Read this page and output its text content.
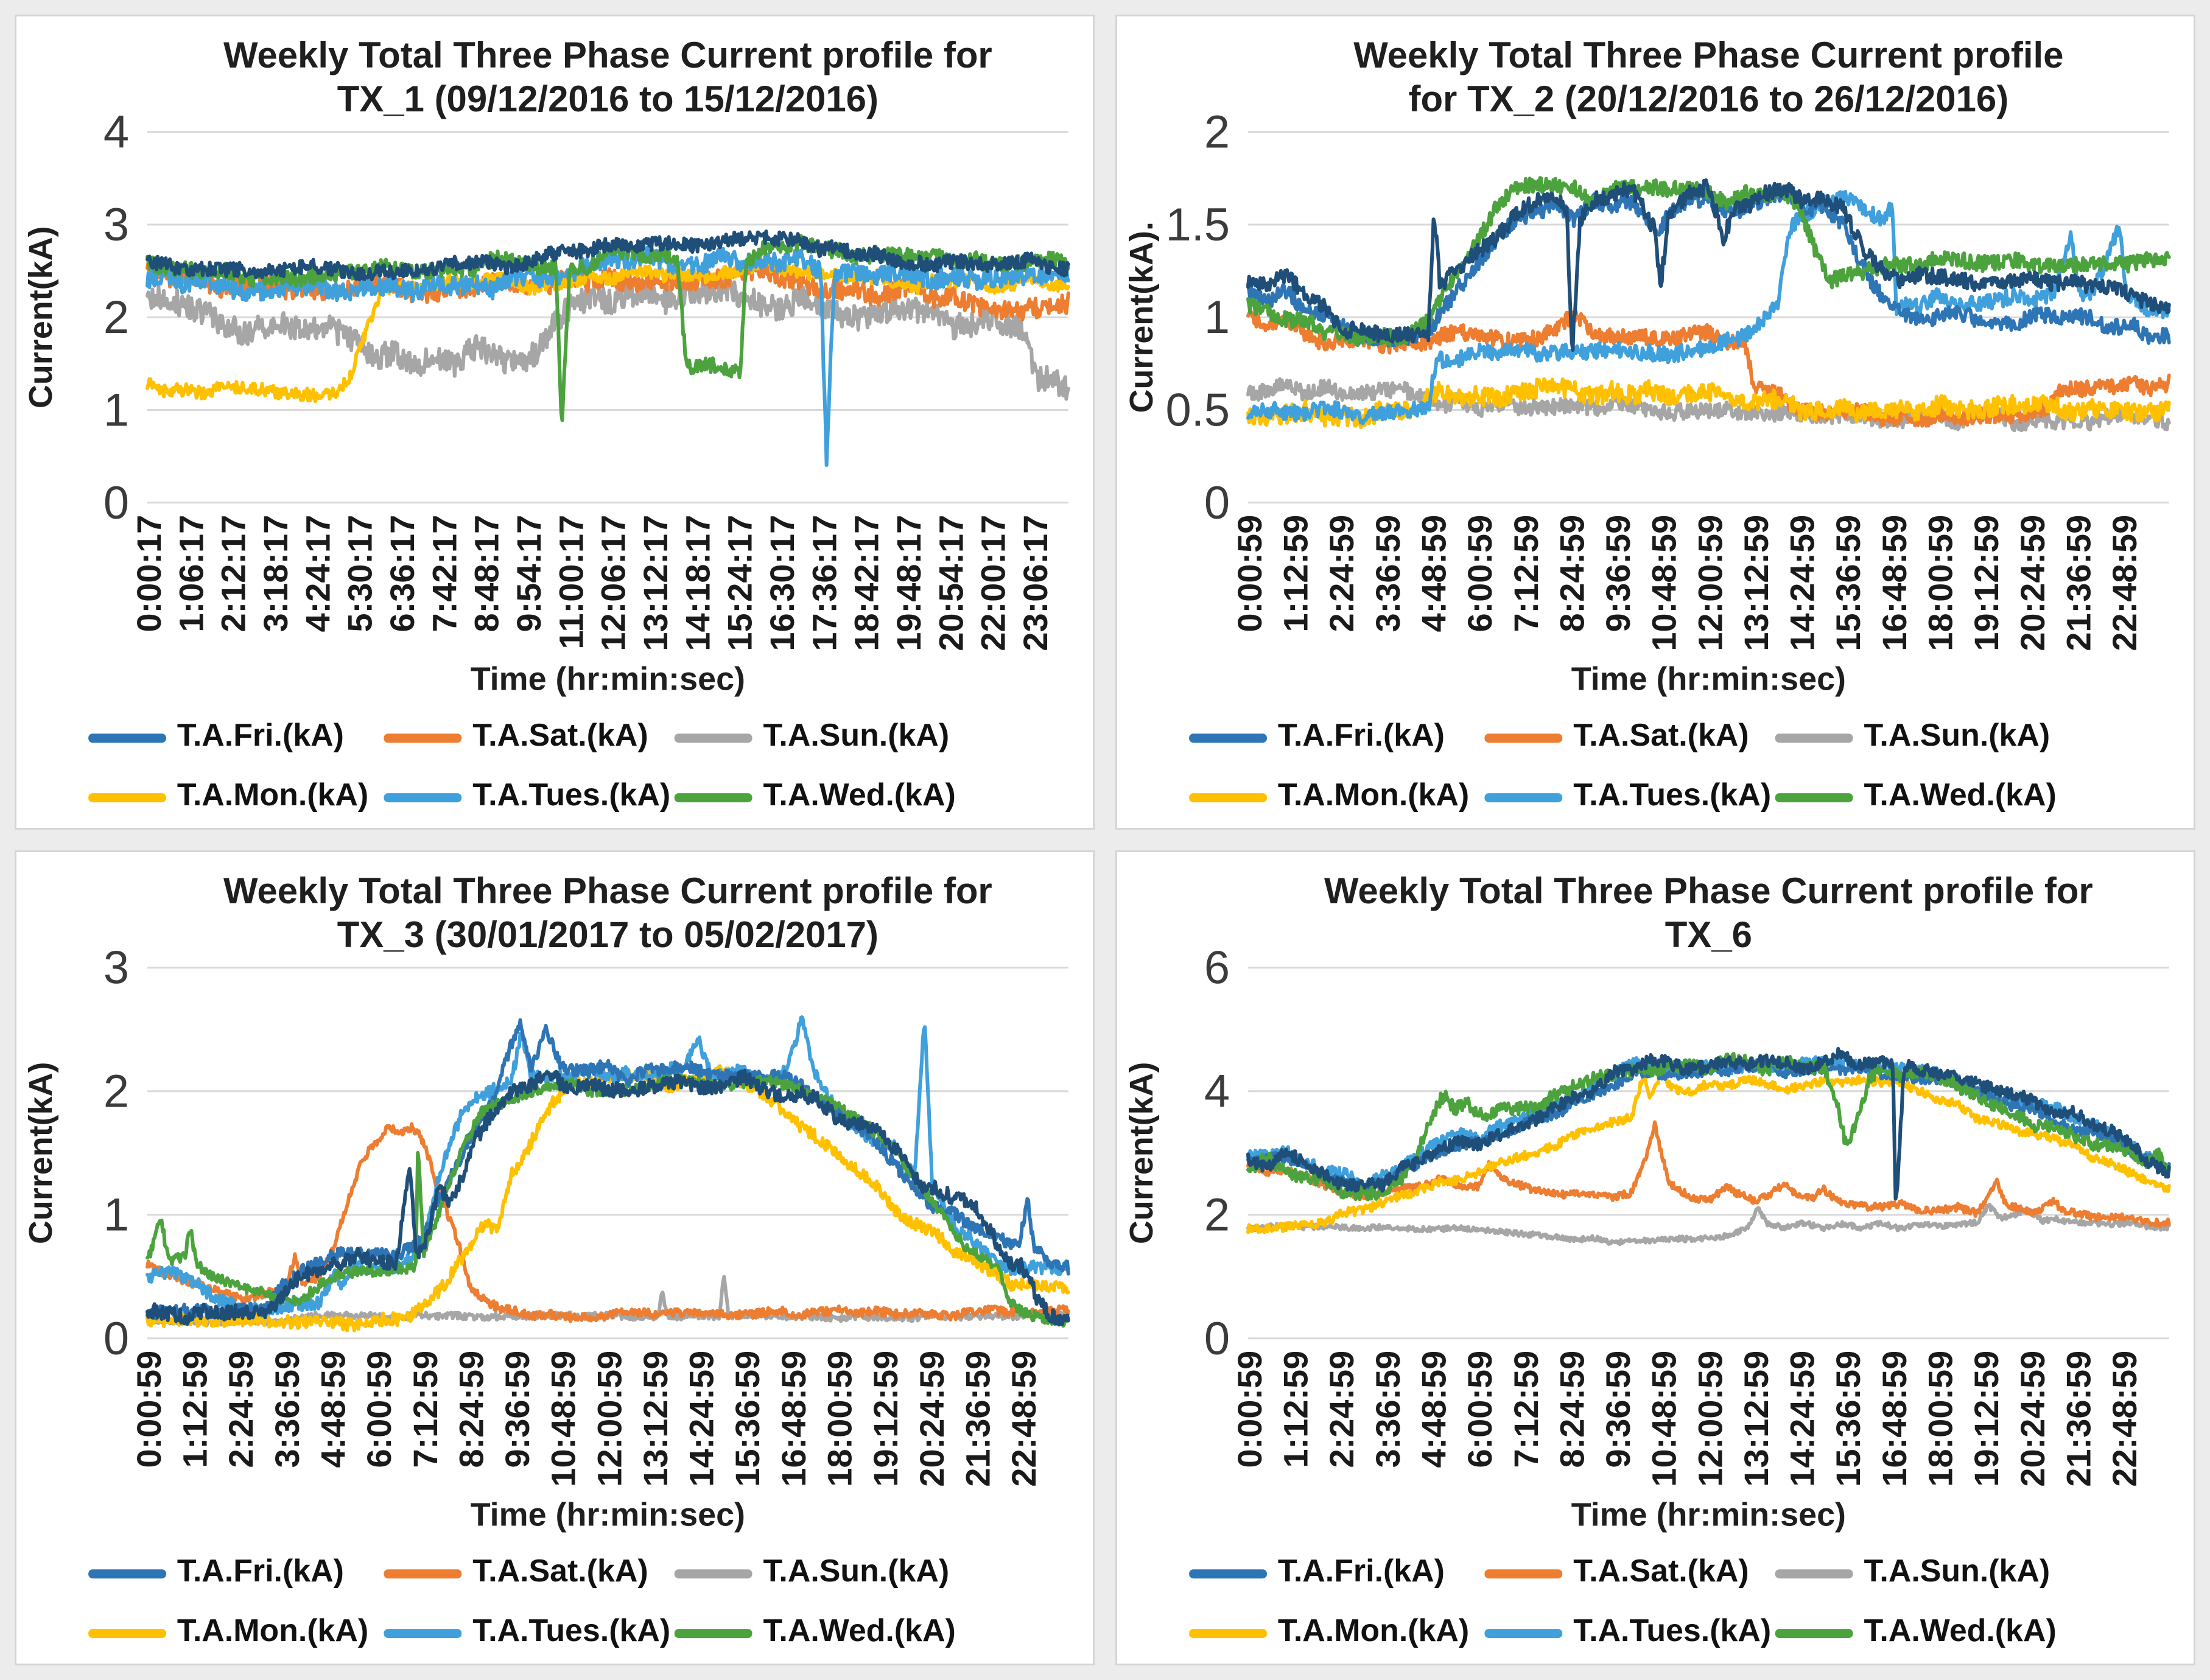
Weekly Total Three Phase Current profile for
TX_1 (09/12/2016 to 15/12/2016)
0
1
2
3
4
Current(kA)
0:00:17 1:06:17 2:12:17 3:18:17 4:24:17 5:30:17 6:36:17 7:42:17 8:48:17 9:54:17 11:00:17 12:06:17 13:12:17 14:18:17 15:24:17 16:30:17 17:36:17 18:42:17 19:48:17 20:54:17 22:00:17 23:06:17
Time (hr:min:sec)
T.A.Fri.(kA)	T.A.Sat.(kA)	T.A.Sun.(kA)
T.A.Mon.(kA)	T.A.Tues.(kA)	T.A.Wed.(kA)
Weekly Total Three Phase Current profile
for TX_2 (20/12/2016 to 26/12/2016)
0
0.5
1
1.5
2
Current(kA).
0:00:59 1:12:59 2:24:59 3:36:59 4:48:59 6:00:59 7:12:59 8:24:59 9:36:59 10:48:59 12:00:59 13:12:59 14:24:59 15:36:59 16:48:59 18:00:59 19:12:59 20:24:59 21:36:59 22:48:59
Time (hr:min:sec)
T.A.Fri.(kA)	T.A.Sat.(kA)	T.A.Sun.(kA)
T.A.Mon.(kA)	T.A.Tues.(kA)	T.A.Wed.(kA)
Weekly Total Three Phase Current profile for
TX_3 (30/01/2017 to 05/02/2017)
0
1
2
3
Current(kA)
0:00:59 1:12:59 2:24:59 3:36:59 4:48:59 6:00:59 7:12:59 8:24:59 9:36:59 10:48:59 12:00:59 13:12:59 14:24:59 15:36:59 16:48:59 18:00:59 19:12:59 20:24:59 21:36:59 22:48:59
Time (hr:min:sec)
T.A.Fri.(kA)	T.A.Sat.(kA)	T.A.Sun.(kA)
T.A.Mon.(kA)	T.A.Tues.(kA)	T.A.Wed.(kA)
Weekly Total Three Phase Current profile for
TX_6
0
2
4
6
Current(kA)
0:00:59 1:12:59 2:24:59 3:36:59 4:48:59 6:00:59 7:12:59 8:24:59 9:36:59 10:48:59 12:00:59 13:12:59 14:24:59 15:36:59 16:48:59 18:00:59 19:12:59 20:24:59 21:36:59 22:48:59
Time (hr:min:sec)
T.A.Fri.(kA)	T.A.Sat.(kA)	T.A.Sun.(kA)
T.A.Mon.(kA)	T.A.Tues.(kA)	T.A.Wed.(kA)
